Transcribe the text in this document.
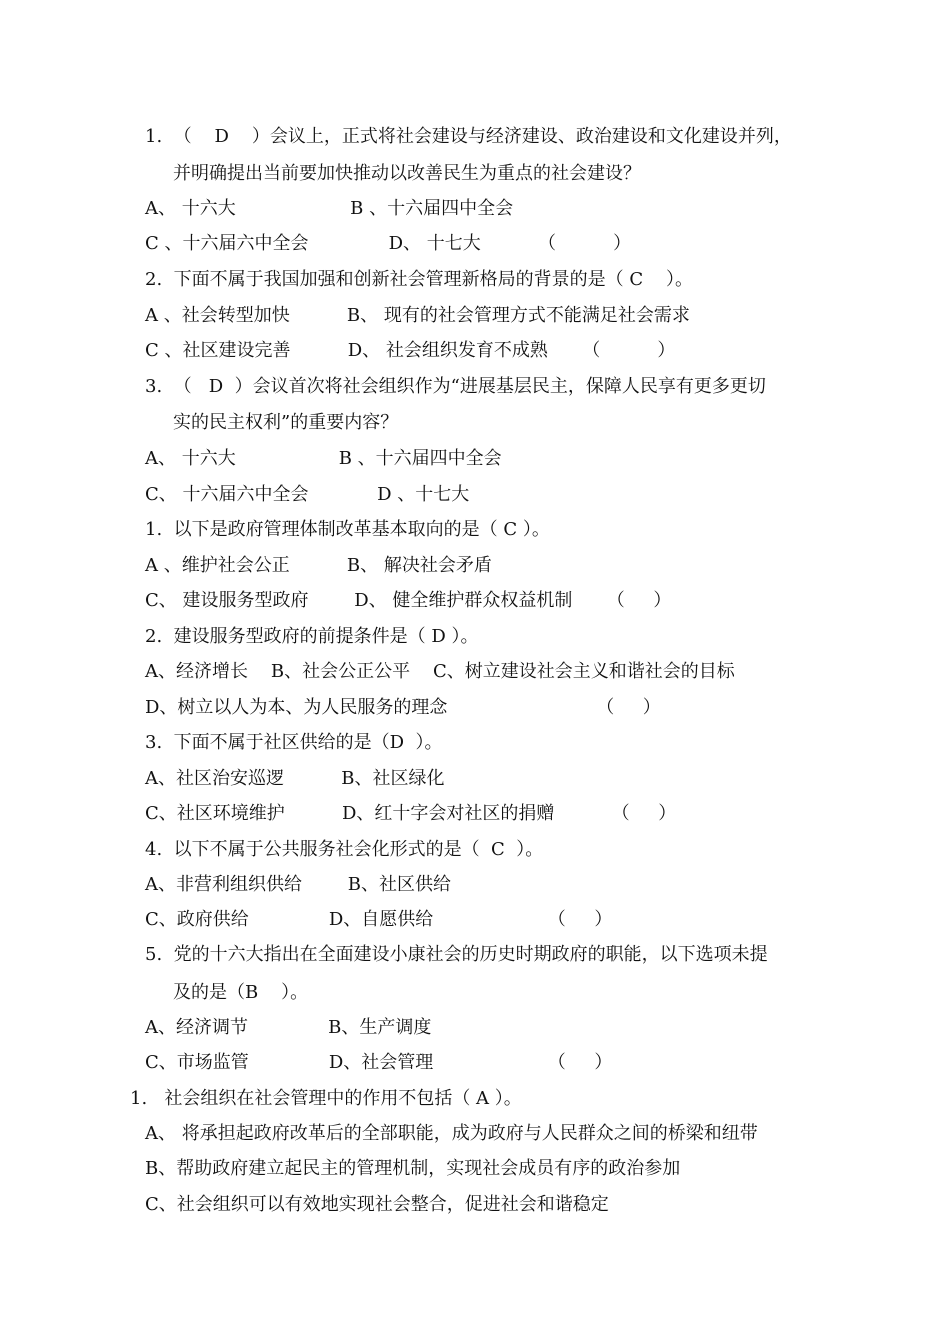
1.  （    D    ）会议上，正式将社会建设与经济建设、政治建设和文化建设并列，
并明确提出当前要加快推动以改善民生为重点的社会建设？
A、 十六大                    B 、十六届四中全会
C 、十六届六中全会              D、 十七大          （          ）
2.  下面不属于我国加强和创新社会管理新格局的背景的是（ C    ）。
A 、社会转型加快          B、 现有的社会管理方式不能满足社会需求
C 、社区建设完善          D、 社会组织发育不成熟      （          ）
3.  （   D  ）会议首次将社会组织作为“进展基层民主，保障人民享有更多更切
实的民主权利”的重要内容？
A、 十六大                  B 、十六届四中全会
C、 十六届六中全会            D 、十七大
1.  以下是政府管理体制改革基本取向的是（ C ）。
A 、维护社会公正          B、 解决社会矛盾
C、 建设服务型政府        D、 健全维护群众权益机制      （     ）
2.  建设服务型政府的前提条件是（ D ）。
A、经济增长    B、社会公正公平    C、树立建设社会主义和谐社会的目标
D、树立以人为本、为人民服务的理念                          （     ）
3.  下面不属于社区供给的是（D  ）。
A、社区治安巡逻          B、社区绿化
C、社区环境维护          D、红十字会对社区的捐赠          （     ）
4.  以下不属于公共服务社会化形式的是（  C  ）。
A、非营利组织供给        B、社区供给
C、政府供给              D、自愿供给                    （     ）
5.  党的十六大指出在全面建设小康社会的历史时期政府的职能，以下选项未提
及的是（B    ）。
A、经济调节              B、生产调度
C、市场监管              D、社会管理                    （     ）
1.   社会组织在社会管理中的作用不包括（ A ）。
A、 将承担起政府改革后的全部职能，成为政府与人民群众之间的桥梁和纽带
B、帮助政府建立起民主的管理机制，实现社会成员有序的政治参加
C、社会组织可以有效地实现社会整合，促进社会和谐稳定
